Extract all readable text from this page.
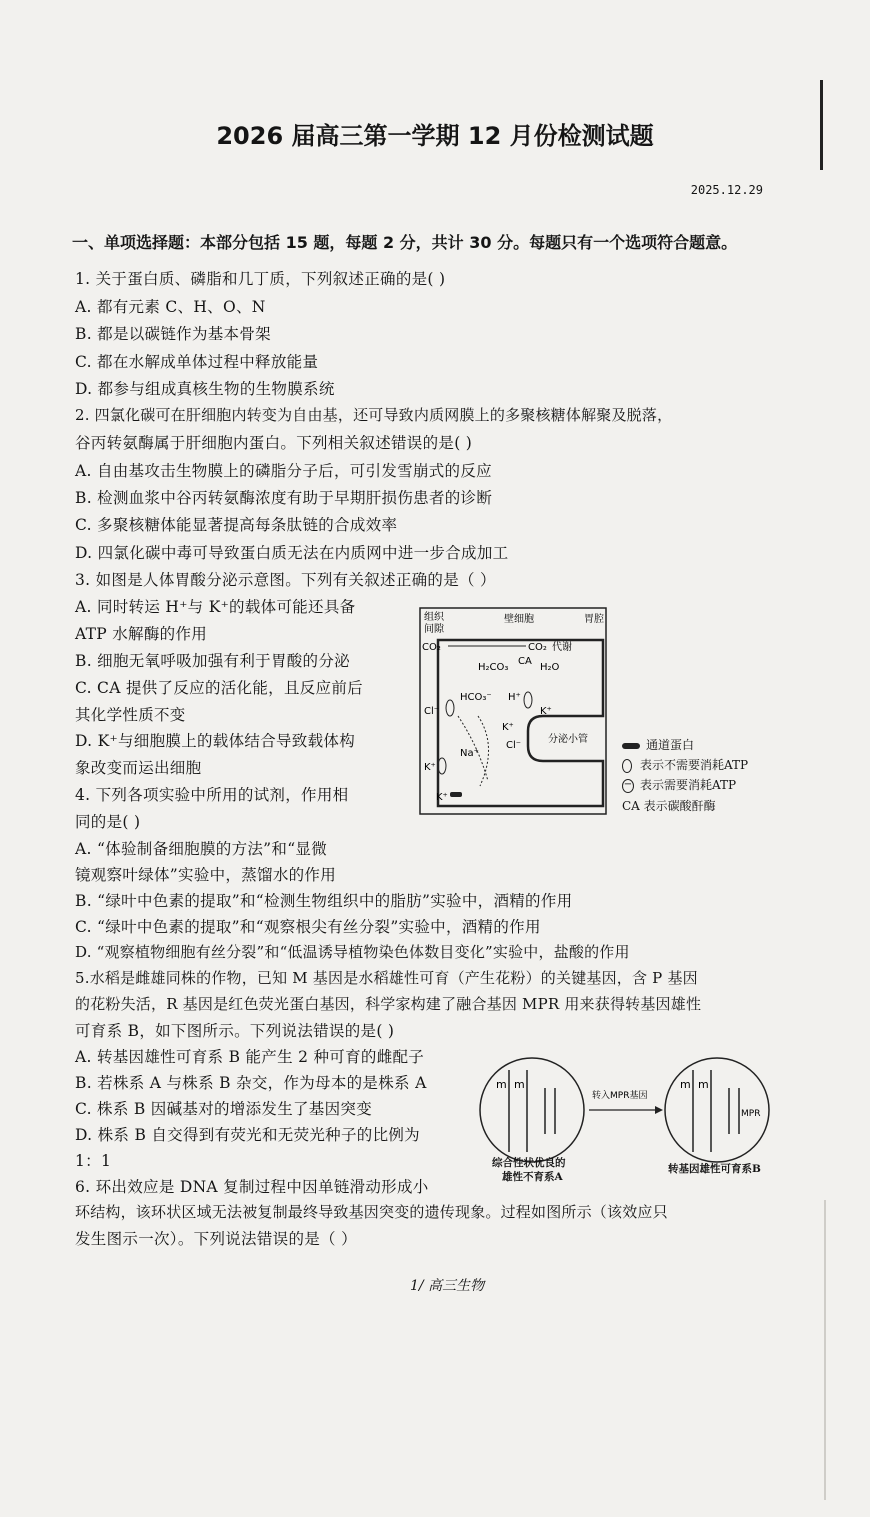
2026 届高三第一学期 12 月份检测试题
2025.12.29
一、单项选择题：本部分包括 15 题，每题 2 分，共计 30 分。每题只有一个选项符合题意。
1. 关于蛋白质、磷脂和几丁质，下列叙述正确的是( )
A. 都有元素 C、H、O、N
B. 都是以碳链作为基本骨架
C. 都在水解成单体过程中释放能量
D. 都参与组成真核生物的生物膜系统
2. 四氯化碳可在肝细胞内转变为自由基，还可导致内质网膜上的多聚核糖体解聚及脱落，
谷丙转氨酶属于肝细胞内蛋白。下列相关叙述错误的是( )
A. 自由基攻击生物膜上的磷脂分子后，可引发雪崩式的反应
B. 检测血浆中谷丙转氨酶浓度有助于早期肝损伤患者的诊断
C. 多聚核糖体能显著提高每条肽链的合成效率
D. 四氯化碳中毒可导致蛋白质无法在内质网中进一步合成加工
3. 如图是人体胃酸分泌示意图。下列有关叙述正确的是（ ）
A. 同时转运 H⁺与 K⁺的载体可能还具备
ATP 水解酶的作用
B. 细胞无氧呼吸加强有利于胃酸的分泌
C. CA 提供了反应的活化能，且反应前后
其化学性质不变
D. K⁺与细胞膜上的载体结合导致载体构
象改变而运出细胞
组织
间隙
壁细胞	胃腔
CO₂	CO₂ 代谢
H₂CO₃
CA
H₂O
HCO₃⁻ H⁺
Cl⁻	K⁺
Na⁺
K⁺
Cl⁻
分泌小管
K⁺
K⁺
通道蛋白
表示不需要消耗ATP
− 表示需要消耗ATP
CA 表示碳酸酐酶
4. 下列各项实验中所用的试剂，作用相
同的是( )
A. “体验制备细胞膜的方法”和“显微
镜观察叶绿体”实验中，蒸馏水的作用
B. “绿叶中色素的提取”和“检测生物组织中的脂肪”实验中，酒精的作用
C. “绿叶中色素的提取”和“观察根尖有丝分裂”实验中，酒精的作用
D. “观察植物细胞有丝分裂”和“低温诱导植物染色体数目变化”实验中，盐酸的作用
5.水稻是雌雄同株的作物，已知 M 基因是水稻雄性可育（产生花粉）的关键基因，含 P 基因
的花粉失活，R 基因是红色荧光蛋白基因，科学家构建了融合基因 MPR 用来获得转基因雄性
可育系 B，如下图所示。下列说法错误的是( )
A. 转基因雄性可育系 B 能产生 2 种可育的雌配子
B. 若株系 A 与株系 B 杂交，作为母本的是株系 A
C. 株系 B 因碱基对的增添发生了基因突变
D. 株系 B 自交得到有荧光和无荧光种子的比例为
1：1
m m
转入MPR基因
m m
MPR
综合性状优良的
雄性不育系A
转基因雄性可育系B
6. 环出效应是 DNA 复制过程中因单链滑动形成小
环结构，该环状区域无法被复制最终导致基因突变的遗传现象。过程如图所示（该效应只
发生图示一次）。下列说法错误的是（ ）
1/ 高三生物
